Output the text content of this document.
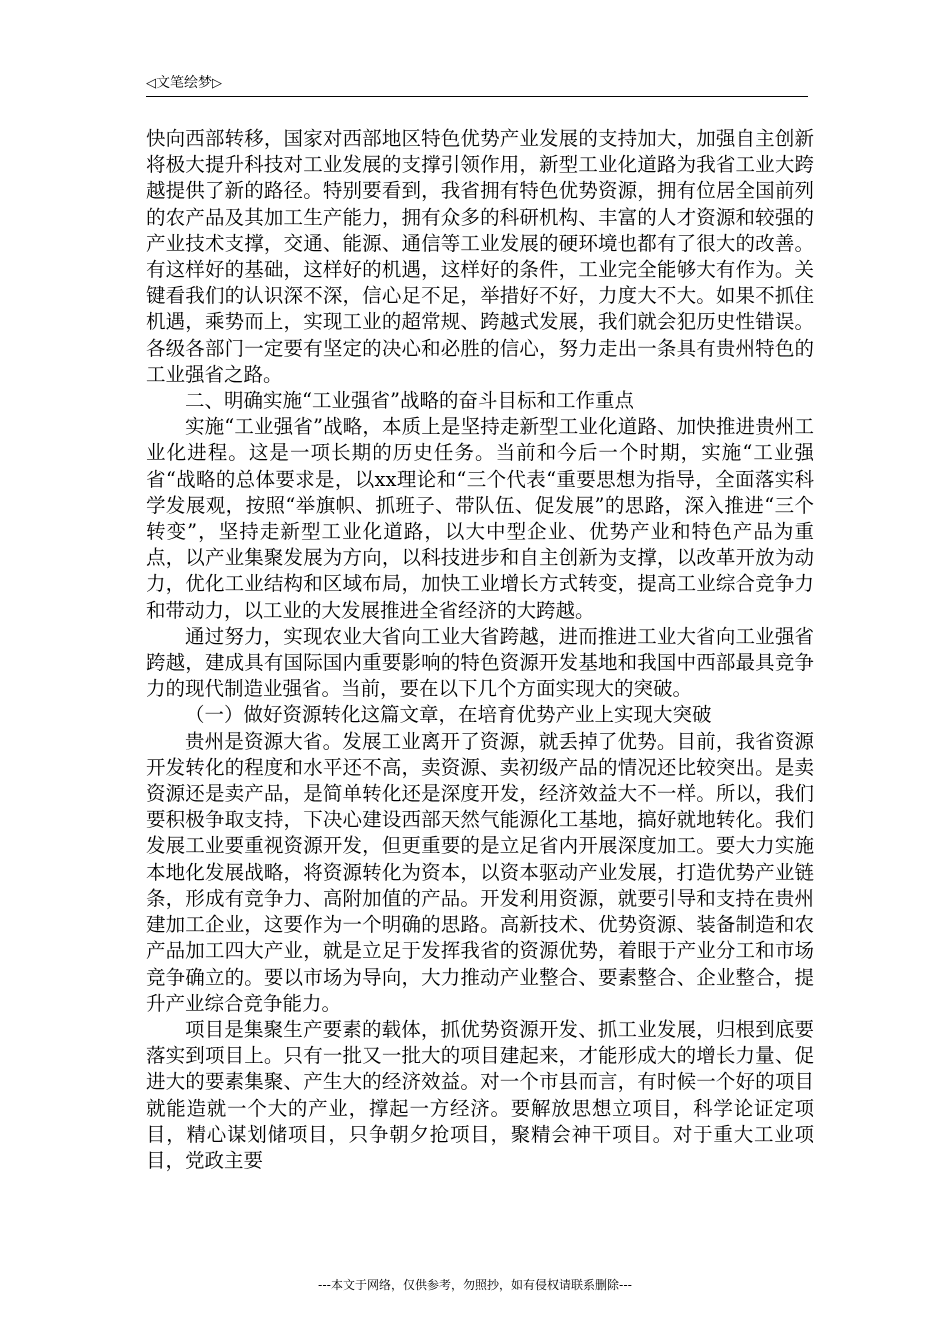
◁文笔绘梦▷

快向西部转移，国家对西部地区特色优势产业发展的支持加大，加强自主创新将极大提升科技对工业发展的支撑引领作用，新型工业化道路为我省工业大跨越提供了新的路径。特别要看到，我省拥有特色优势资源，拥有位居全国前列的农产品及其加工生产能力，拥有众多的科研机构、丰富的人才资源和较强的产业技术支撑，交通、能源、通信等工业发展的硬环境也都有了很大的改善。有这样好的基础，这样好的机遇，这样好的条件，工业完全能够大有作为。关键看我们的认识深不深，信心足不足，举措好不好，力度大不大。如果不抓住机遇，乘势而上，实现工业的超常规、跨越式发展，我们就会犯历史性错误。各级各部门一定要有坚定的决心和必胜的信心，努力走出一条具有贵州特色的工业强省之路。

二、明确实施“工业强省”战略的奋斗目标和工作重点

实施“工业强省”战略，本质上是坚持走新型工业化道路、加快推进贵州工业化进程。这是一项长期的历史任务。当前和今后一个时期，实施“工业强省“战略的总体要求是，以xx理论和“三个代表“重要思想为指导，全面落实科学发展观，按照“举旗帜、抓班子、带队伍、促发展”的思路，深入推进“三个转变”，坚持走新型工业化道路，以大中型企业、优势产业和特色产品为重点，以产业集聚发展为方向，以科技进步和自主创新为支撑，以改革开放为动力，优化工业结构和区域布局，加快工业增长方式转变，提高工业综合竞争力和带动力，以工业的大发展推进全省经济的大跨越。

通过努力，实现农业大省向工业大省跨越，进而推进工业大省向工业强省跨越，建成具有国际国内重要影响的特色资源开发基地和我国中西部最具竞争力的现代制造业强省。当前，要在以下几个方面实现大的突破。

（一）做好资源转化这篇文章，在培育优势产业上实现大突破

贵州是资源大省。发展工业离开了资源，就丢掉了优势。目前，我省资源开发转化的程度和水平还不高，卖资源、卖初级产品的情况还比较突出。是卖资源还是卖产品，是简单转化还是深度开发，经济效益大不一样。所以，我们要积极争取支持，下决心建设西部天然气能源化工基地，搞好就地转化。我们发展工业要重视资源开发，但更重要的是立足省内开展深度加工。要大力实施本地化发展战略，将资源转化为资本，以资本驱动产业发展，打造优势产业链条，形成有竞争力、高附加值的产品。开发利用资源，就要引导和支持在贵州建加工企业，这要作为一个明确的思路。高新技术、优势资源、装备制造和农产品加工四大产业，就是立足于发挥我省的资源优势，着眼于产业分工和市场竞争确立的。要以市场为导向，大力推动产业整合、要素整合、企业整合，提升产业综合竞争能力。

项目是集聚生产要素的载体，抓优势资源开发、抓工业发展，归根到底要落实到项目上。只有一批又一批大的项目建起来，才能形成大的增长力量、促进大的要素集聚、产生大的经济效益。对一个市县而言，有时候一个好的项目就能造就一个大的产业，撑起一方经济。要解放思想立项目，科学论证定项目，精心谋划储项目，只争朝夕抢项目，聚精会神干项目。对于重大工业项目，党政主要

---本文于网络，仅供参考，勿照抄，如有侵权请联系删除---
